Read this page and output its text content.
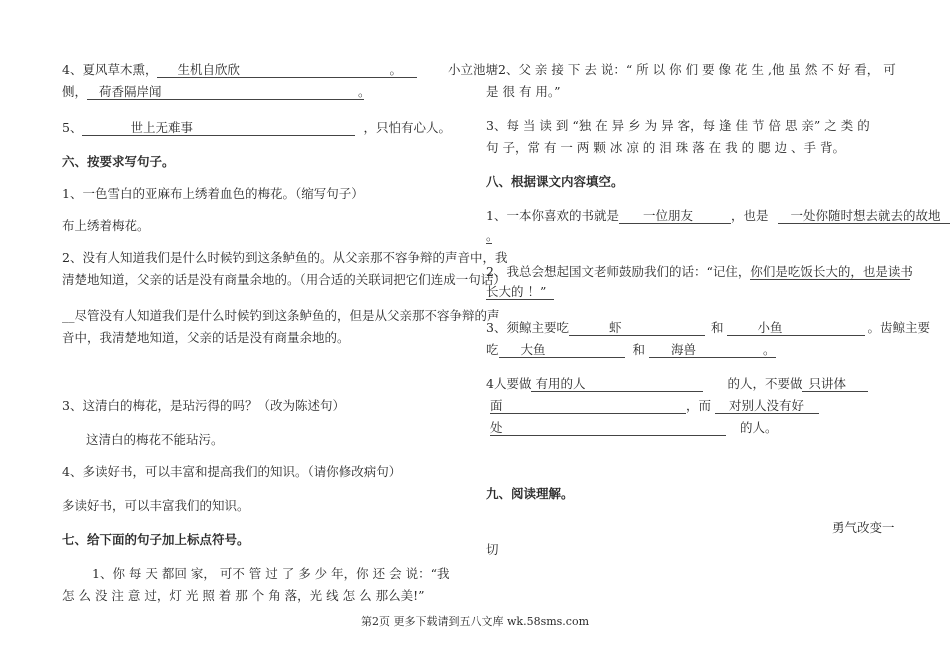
4、夏风草木熏， 生机自欣欣	。	小立池塘
侧， 荷香隔岸闻	。
5、	世上无难事	，只怕有心人。
六、按要求写句子。
1、一色雪白的亚麻布上绣着血色的梅花。（缩写句子）
布上绣着梅花。
2、没有人知道我们是什么时候钓到这条鲈鱼的。从父亲那不容争辩的声音中，我
清楚地知道，父亲的话是没有商量余地的。（用合适的关联词把它们连成一句话）
__尽管没有人知道我们是什么时候钓到这条鲈鱼的，但是从父亲那不容争辩的声
音中，我清楚地知道，父亲的话是没有商量余地的。
3、这清白的梅花，是玷污得的吗？（改为陈述句）
这清白的梅花不能玷污。
4、多读好书，可以丰富和提高我们的知识。（请你修改病句）
多读好书，可以丰富我们的知识。
七、给下面的句子加上标点符号。
1、你 每 天 都回 家， 可不 管 过 了 多 少 年，你 还 会 说：“我
怎 么 没 注 意 过，灯 光 照 着 那 个 角 落，光 线 怎 么 那么美!”
2、父 亲 接 下 去 说：“ 所 以 你 们 要 像 花 生 ,他 虽 然 不 好 看， 可
是 很 有 用。”
3、每 当 读 到 “独 在 异 乡 为 异 客，每 逢 佳 节 倍 思 亲” 之 类 的
句 子，常 有 一 两 颗 冰 凉 的 泪 珠 落 在 我 的 腮 边 、手 背。
八、根据课文内容填空。
1、一本你喜欢的书就是 一位朋友	，也是 一处你随时想去就去的故地
。
2、我总会想起国文老师鼓励我们的话：“记住，你们是吃饭长大的，也是读书
长大的 ！”
3、须鲸主要吃	虾	和	小鱼	。齿鲸主要
吃 大鱼	和 海兽	。
4人要做 有用的人	的人，不要做 只讲体
面	，而 对别人没有好
处	的人。
九、阅读理解。
勇气改变一
切
第2页 更多下载请到五八文库 wk.58sms.com
